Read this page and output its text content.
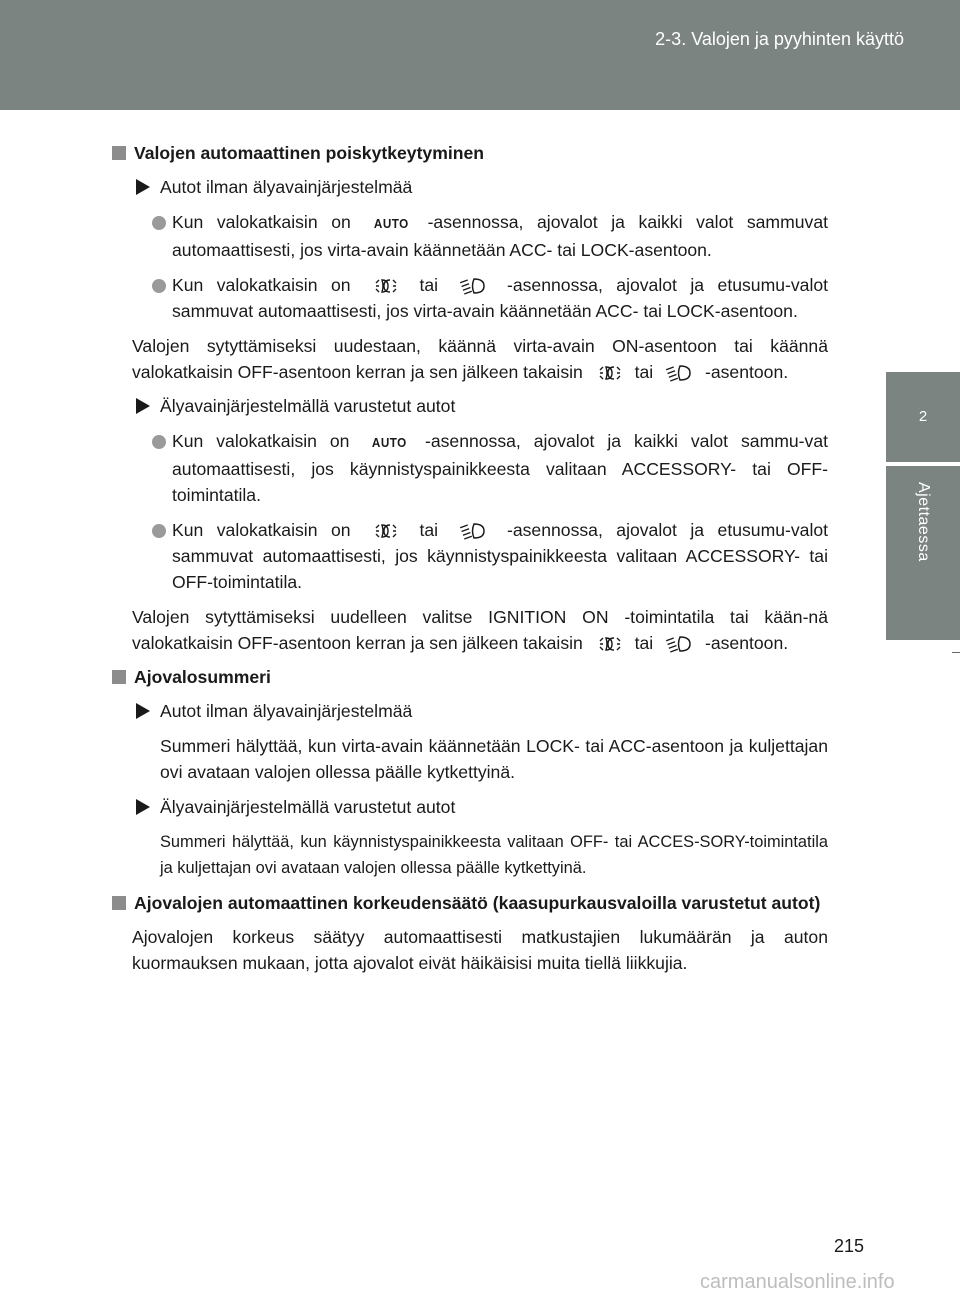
2-3. Valojen ja pyyhinten käyttö
2
Ajettaessa
Valojen automaattinen poiskytkeytyminen
Autot ilman älyavainjärjestelmää
Kun valokatkaisin on AUTO -asennossa, ajovalot ja kaikki valot sammuvat automaattisesti, jos virta-avain käännetään ACC- tai LOCK-asentoon.
Kun valokatkaisin on	tai	-asennossa, ajovalot ja etusumu-valot sammuvat automaattisesti, jos virta-avain käännetään ACC- tai LOCK-asentoon.
Valojen sytyttämiseksi uudestaan, käännä virta-avain ON-asentoon tai käännä valokatkaisin OFF-asentoon kerran ja sen jälkeen takaisin	tai	-asentoon.
Älyavainjärjestelmällä varustetut autot
Kun valokatkaisin on AUTO -asennossa, ajovalot ja kaikki valot sammu-vat automaattisesti, jos käynnistyspainikkeesta valitaan ACCESSORY- tai OFF-toimintatila.
Kun valokatkaisin on	tai	-asennossa, ajovalot ja etusumu-valot sammuvat automaattisesti, jos käynnistyspainikkeesta valitaan ACCESSORY- tai OFF-toimintatila.
Valojen sytyttämiseksi uudelleen valitse IGNITION ON -toimintatila tai kään-nä valokatkaisin OFF-asentoon kerran ja sen jälkeen takaisin	tai	-asentoon.
Ajovalosummeri
Autot ilman älyavainjärjestelmää
Summeri hälyttää, kun virta-avain käännetään LOCK- tai ACC-asentoon ja kuljettajan ovi avataan valojen ollessa päälle kytkettyinä.
Älyavainjärjestelmällä varustetut autot
Summeri hälyttää, kun käynnistyspainikkeesta valitaan OFF- tai ACCES-SORY-toimintatila ja kuljettajan ovi avataan valojen ollessa päälle kytkettyinä.
Ajovalojen automaattinen korkeudensäätö (kaasupurkausvaloilla varustetut autot)
Ajovalojen korkeus säätyy automaattisesti matkustajien lukumäärän ja auton kuormauksen mukaan, jotta ajovalot eivät häikäisisi muita tiellä liikkujia.
215
carmanualsonline.info
